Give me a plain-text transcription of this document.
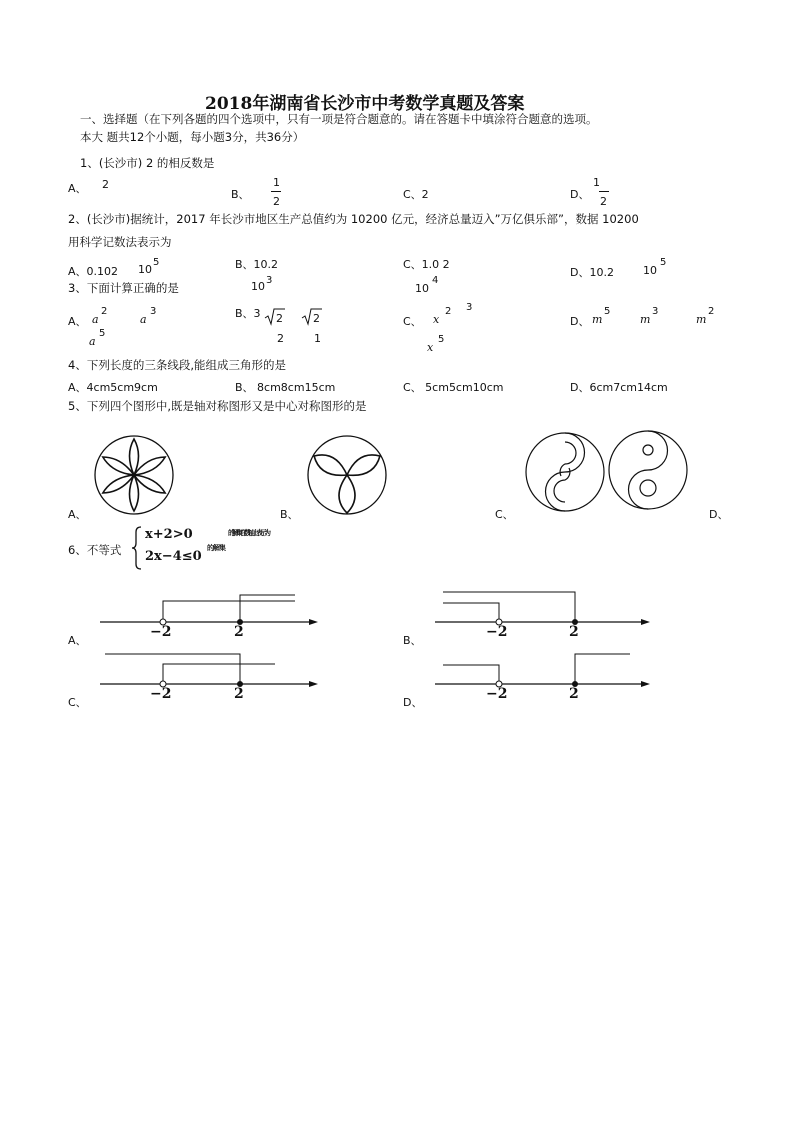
2018年湖南省长沙市中考数学真题及答案
一、选择题（在下列各题的四个选项中，只有一项是符合题意的。请在答题卡中填涂符合题意的选项。
本大 题共12个小题，每小题3分，共36分）
1、(长沙市) 2 的相反数是
A、 2
B、
1
2
C、2	D、
1
2
2、(长沙市)据统计，2017 年长沙市地区生产总值约为 10200 亿元，经济总量迈入”万亿俱乐部”，数据 10200
用科学记数法表示为
A、0.102 10
5	B、10.2
10 3
C、1.0 2
10
4
D、10.2	10
5
3、下面计算正确的是
A、 a
2
a
3
a
5
B、3 2	2
2	1
C、 x
2 3
x
5
D、 m
5
m
3
m
2
4、下列长度的三条线段,能组成三角形的是
A、4cm5cm9cm	B、 8cm8cm15cm	C、 5cm5cm10cm	D、6cm7cm14cm
5、下列四个图形中,既是轴对称图形又是中心对称图形的是
A、	B、	C、	D、
6、不等式
x+2>0
2x−4≤0
的解集在数轴上表示为
的解集
A、
−2	2
B、
−2	2
C、
−2	2
D、
−2	2
